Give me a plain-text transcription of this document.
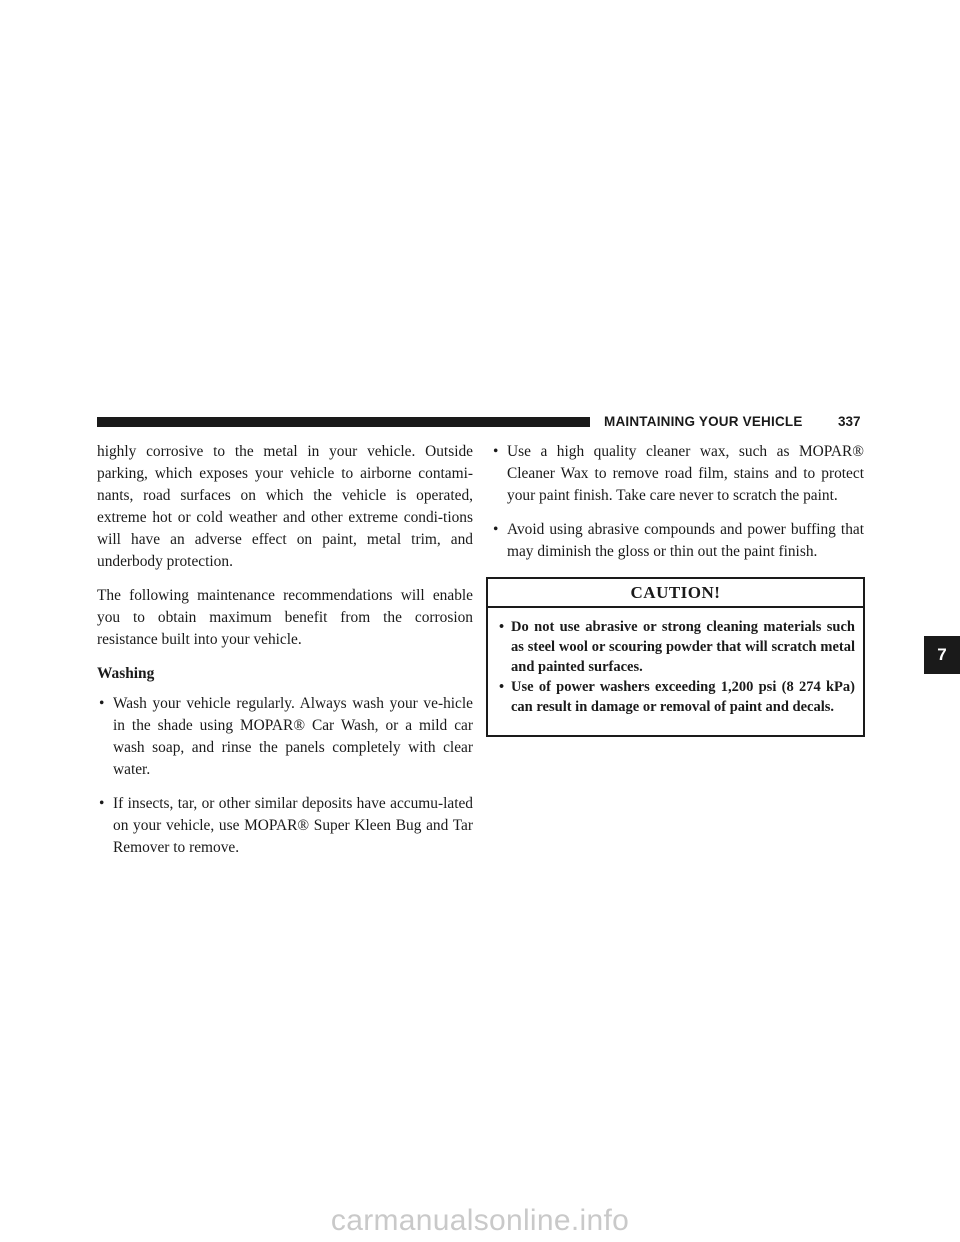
MAINTAINING YOUR VEHICLE	337

highly corrosive to the metal in your vehicle. Outside parking, which exposes your vehicle to airborne contami-nants, road surfaces on which the vehicle is operated, extreme hot or cold weather and other extreme condi-tions will have an adverse effect on paint, metal trim, and underbody protection.

The following maintenance recommendations will enable you to obtain maximum benefit from the corrosion resistance built into your vehicle.

Washing
• Wash your vehicle regularly. Always wash your ve-hicle in the shade using MOPAR® Car Wash, or a mild car wash soap, and rinse the panels completely with clear water.
• If insects, tar, or other similar deposits have accumu-lated on your vehicle, use MOPAR® Super Kleen Bug and Tar Remover to remove.
• Use a high quality cleaner wax, such as MOPAR® Cleaner Wax to remove road film, stains and to protect your paint finish. Take care never to scratch the paint.
• Avoid using abrasive compounds and power buffing that may diminish the gloss or thin out the paint finish.
CAUTION!
• Do not use abrasive or strong cleaning materials such as steel wool or scouring powder that will scratch metal and painted surfaces.
• Use of power washers exceeding 1,200 psi (8 274 kPa) can result in damage or removal of paint and decals.
7
carmanualsonline.info
